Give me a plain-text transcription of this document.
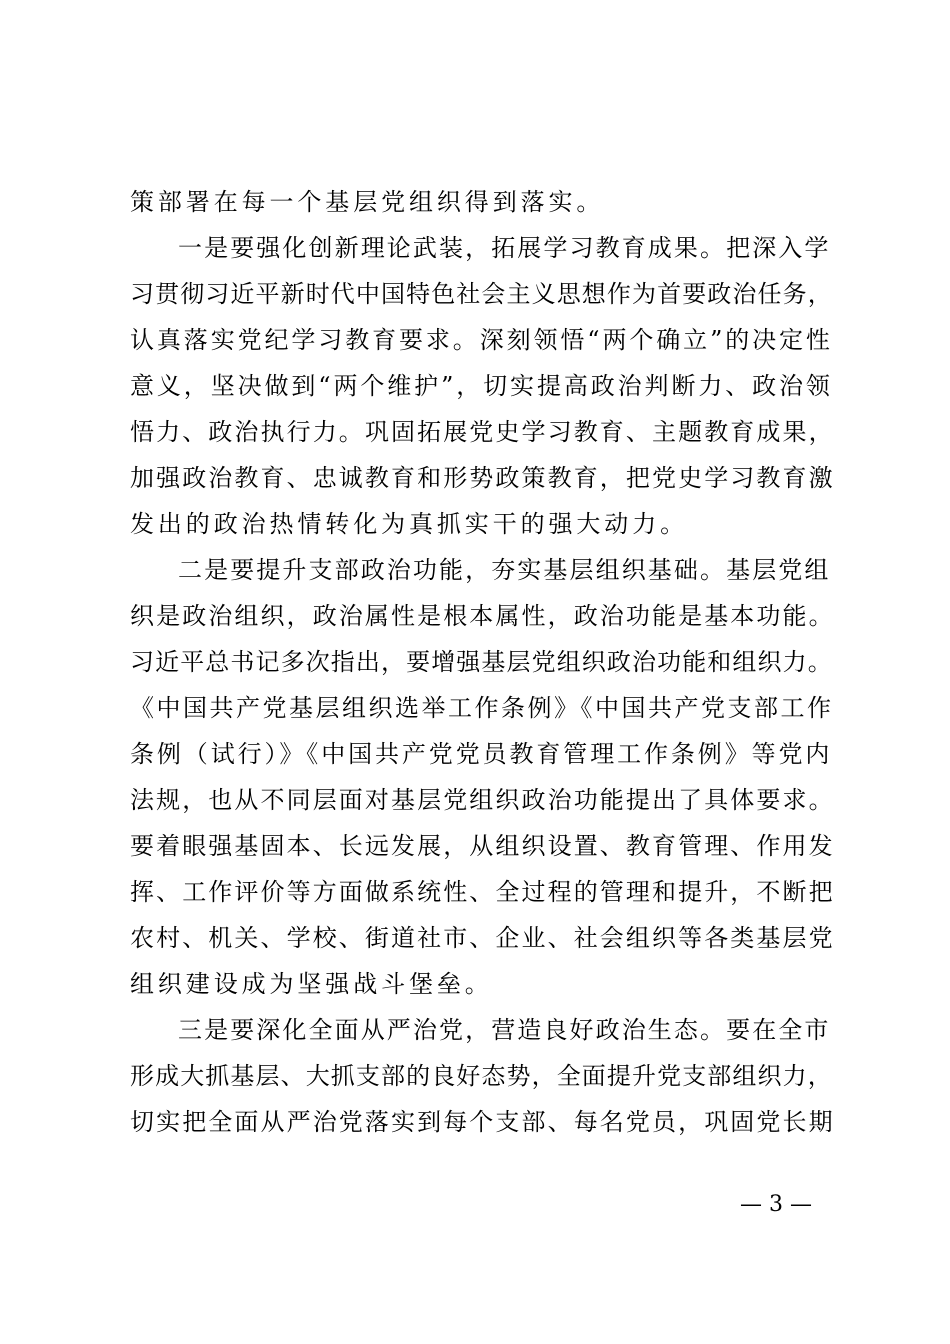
策部署在每一个基层党组织得到落实。
一是要强化创新理论武装，拓展学习教育成果。把深入学
习贯彻习近平新时代中国特色社会主义思想作为首要政治任务，
认真落实党纪学习教育要求。深刻领悟“两个确立”的决定性
意义，坚决做到“两个维护”，切实提高政治判断力、政治领
悟力、政治执行力。巩固拓展党史学习教育、主题教育成果，
加强政治教育、忠诚教育和形势政策教育，把党史学习教育激
发出的政治热情转化为真抓实干的强大动力。
二是要提升支部政治功能，夯实基层组织基础。基层党组
织是政治组织，政治属性是根本属性，政治功能是基本功能。
习近平总书记多次指出，要增强基层党组织政治功能和组织力。
《中国共产党基层组织选举工作条例》《中国共产党支部工作
条例（试行）》《中国共产党党员教育管理工作条例》等党内
法规，也从不同层面对基层党组织政治功能提出了具体要求。
要着眼强基固本、长远发展，从组织设置、教育管理、作用发
挥、工作评价等方面做系统性、全过程的管理和提升，不断把
农村、机关、学校、街道社市、企业、社会组织等各类基层党
组织建设成为坚强战斗堡垒。
三是要深化全面从严治党，营造良好政治生态。要在全市
形成大抓基层、大抓支部的良好态势，全面提升党支部组织力，
切实把全面从严治党落实到每个支部、每名党员，巩固党长期
— 3 —
